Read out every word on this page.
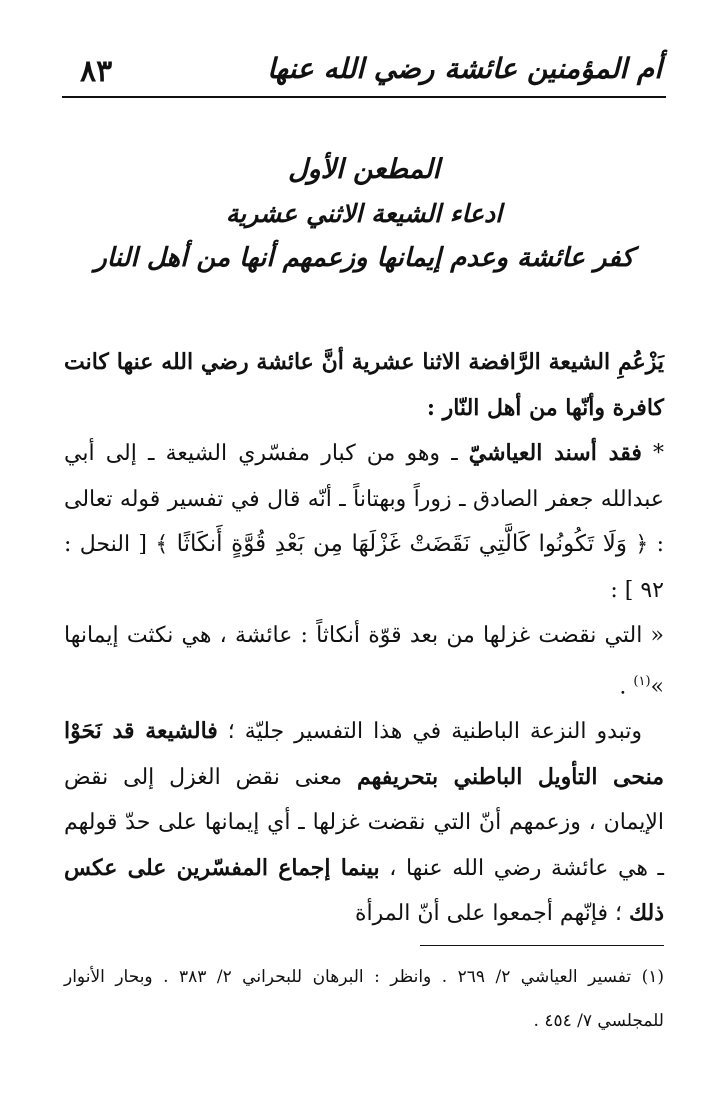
٨٣	أم المؤمنين عائشة رضي الله عنها
المطعن الأول
ادعاء الشيعة الاثني عشرية
كفر عائشة وعدم إيمانها وزعمهم أنها من أهل النار

يَزْعُمِ الشيعة الرَّافضة الاثنا عشرية أنَّ عائشة رضي الله عنها كانت كافرة وأنّها من أهل النّار :

* فقد أسند العياشيّ ـ وهو من كبار مفسّري الشيعة ـ إلى أبي عبدالله جعفر الصادق ـ زوراً وبهتاناً ـ أنّه قال في تفسير قوله تعالى : ﴿ وَلَا تَكُونُوا كَالَّتِي نَقَضَتْ غَزْلَهَا مِن بَعْدِ قُوَّةٍ أَنكَاثًا ﴾ [ النحل : ٩٢ ] :

« التي نقضت غزلها من بعد قوّة أنكاثاً : عائشة ، هي نكثت إيمانها »$^{(١)}$ .

 وتبدو النزعة الباطنية في هذا التفسير جليّة ؛ فالشيعة قد نَحَوْا منحى التأويل الباطني بتحريفهم معنى نقض الغزل إلى نقض الإيمان ، وزعمهم أنّ التي نقضت غزلها ـ أي إيمانها على حدّ قولهم ـ هي عائشة رضي الله عنها ، بينما إجماع المفسّرين على عكس ذلك ؛ فإنّهم أجمعوا على أنّ المرأة

(١) تفسير العياشي ٢/ ٢٦٩ . وانظر : البرهان للبحراني ٢/ ٣٨٣ . وبحار الأنوار للمجلسي ٧/ ٤٥٤ .
